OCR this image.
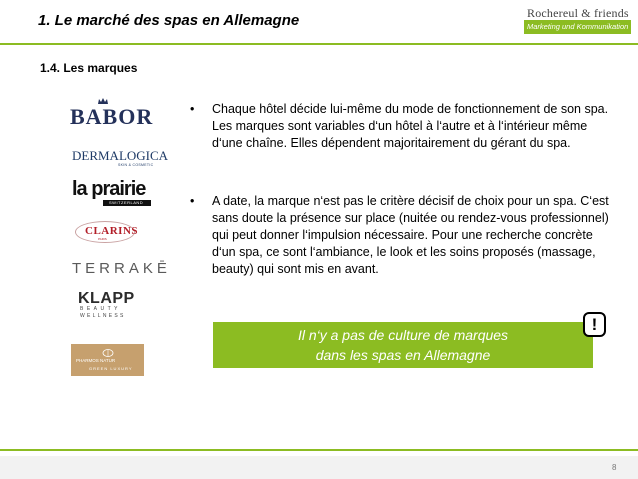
1. Le marché des spas en Allemagne	Rochereul & friends
Marketing und Kommunikation
1.4. Les marques
BABOR
DERMALOGICA
SKIN & COSMETIC
la prairie
SWITZERLAND
CLARINS
PARIS
TERRAKĒ
KLAPP
BEAUTY
WELLNESS
PHARMOS NATUR
GREEN LUXURY
• Chaque hôtel décide lui-même du mode de fonctionnement de son spa. Les marques sont variables d‘un hôtel à l‘autre et à l‘intérieur même d‘une chaîne. Elles dépendent majoritairement du gérant du spa.
• A date, la marque n‘est pas le critère décisif de choix pour un spa. C‘est sans doute la présence sur place (nuitée ou rendez-vous professionnel) qui peut donner l‘impulsion nécessaire. Pour une recherche concrète d‘un spa, ce sont l‘ambiance, le look et les soins proposés (massage, beauty) qui sont mis en avant.
Il n‘y a pas de culture de marques
dans les spas en Allemagne
!
8
